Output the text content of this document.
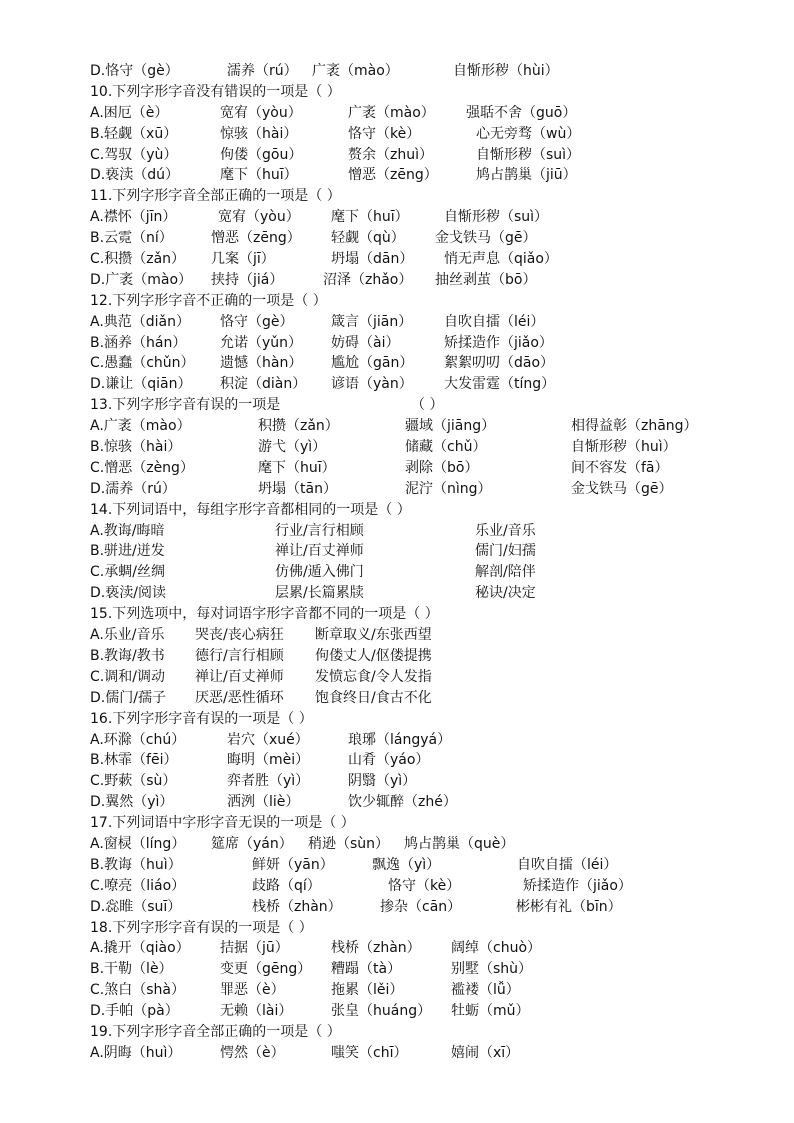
D.恪守（gè）	濡养（rú） 广袤（mào）	自惭形秽（hùi）
10.下列字形字音没有错误的一项是（ ）
A.困厄（è）	宽宥（yòu）	广袤（mào） 强聒不舍（guō）
B.轻觑（xū）	惊骇（hài）	恪守（kè）	心无旁骛（wù）
C.驾驭（yù）	佝偻（gōu）	赘余（zhuì）	自惭形秽（suì）
D.亵渎（dú）	麾下（huī）	憎恶（zēng）	鸠占鹊巢（jiū）
11.下列字形字音全部正确的一项是（ ）
A.襟怀（jīn）	宽宥（yòu） 麾下（huī）	自惭形秽（suì）
B.云霓（ní）	憎恶（zēng） 轻觑（qù） 金戈铁马（gē）
C.积攒（zǎn） 几案（jī）	坍塌（dān） 悄无声息（qiǎo）
D.广袤（mào） 挟持（jiá）	沼泽（zhǎo） 抽丝剥茧（bō）
12.下列字形字音不正确的一项是（ ）
A.典范（diǎn） 恪守（gè）	箴言（jiān） 自吹自擂（léi）
B.涵养（hán） 允诺（yǔn） 妨碍（ài）	矫揉造作（jiǎo）
C.愚蠢（chǔn） 遗憾（hàn） 尴尬（gān） 絮絮叨叨（dāo）
D.谦让（qiān） 积淀（diàn） 谚语（yàn） 大发雷霆（tíng）
13.下列字形字音有误的一项是	（ ）
A.广袤（mào）	积攒（zǎn）	疆域（jiāng）	相得益彰（zhāng）
B.惊骇（hài）	游弋（yì）	储藏（chǔ）	自惭形秽（huì）
C.憎恶（zèng）	麾下（huī）	剥除（bō）	间不容发（fā）
D.濡养（rú）	坍塌（tān）	泥泞（nìng）	金戈铁马（gē）
14.下列词语中，每组字形字音都相同的一项是（ ）
A.教诲/晦暗	行业/言行相顾	乐业/音乐
B.骈进/迸发	禅让/百丈禅师	儒门/妇孺
C.承蜩/丝绸	仿佛/遁入佛门	解剖/陪伴
D.亵渎/阅读	层累/长篇累牍	秘诀/决定
15.下列选项中，每对词语字形字音都不同的一项是（ ）
A.乐业/音乐 哭丧/丧心病狂 断章取义/东张西望
B.教诲/教书 德行/言行相顾 佝偻丈人/伛偻提携
C.调和/调动 禅让/百丈禅师 发愤忘食/令人发指
D.儒门/孺子 厌恶/恶性循环 饱食终日/食古不化
16.下列字形字音有误的一项是（ ）
A.环滁（chú）	岩穴（xué）	琅琊（lángyá）
B.林霏（fēi）	晦明（mèi）	山肴（yáo）
C.野蔌（sù）	弈者胜（yì）	阴翳（yì）
D.翼然（yì）	洒洌（liè）	饮少辄醉（zhé）
17.下列词语中字形字音无误的一项是（ ）
A.窗棂（líng） 筵席（yán） 稍逊（sùn） 鸠占鹊巢（què）
B.教诲（huì）	鲜妍（yān）	飘逸（yì）	自吹自擂（léi）
C.嘹亮（liáo）	歧路（qí）	恪守（kè）	矫揉造作（jiǎo）
D.惢睢（suī）	栈桥（zhàn）	掺杂（cān）	彬彬有礼（bīn）
18.下列字形字音有误的一项是（ ）
A.撬开（qiào） 拮据（jū）	栈桥（zhàn） 阔绰（chuò）
B.干勒（lè）	变更（gēng） 糟蹋（tà）	别墅（shù）
C.煞白（shà）	罪恶（è）	拖累（lěi）	褴褛（lǚ）
D.手帕（pà）	无赖（lài）	张皇（huáng） 牡蛎（mǔ）
19.下列字形字音全部正确的一项是（ ）
A.阴晦（huì）	愕然（è）	嗤笑（chī）	嬉闹（xī）
